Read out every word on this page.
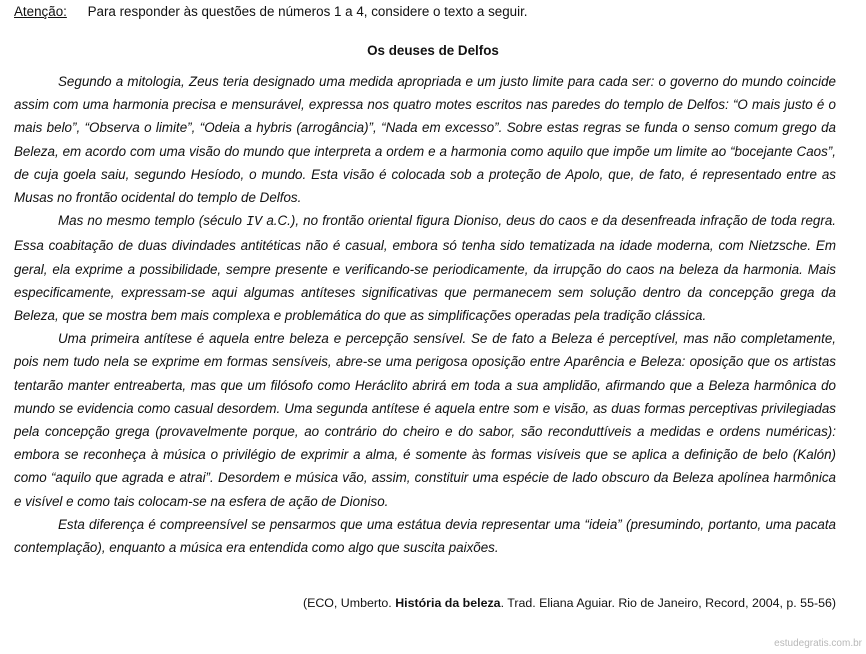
Atenção: Para responder às questões de números 1 a 4, considere o texto a seguir.
Os deuses de Delfos

Segundo a mitologia, Zeus teria designado uma medida apropriada e um justo limite para cada ser: o governo do mundo coincide assim com uma harmonia precisa e mensurável, expressa nos quatro motes escritos nas paredes do templo de Delfos: “O mais justo é o mais belo”, “Observa o limite”, “Odeia a hybris (arrogância)”, “Nada em excesso”. Sobre estas regras se funda o senso comum grego da Beleza, em acordo com uma visão do mundo que interpreta a ordem e a harmonia como aquilo que impõe um limite ao “bocejante Caos”, de cuja goela saiu, segundo Hesíodo, o mundo. Esta visão é colocada sob a proteção de Apolo, que, de fato, é representado entre as Musas no frontão ocidental do templo de Delfos.

Mas no mesmo templo (século IV a.C.), no frontão oriental figura Dioniso, deus do caos e da desenfreada infração de toda regra. Essa coabitação de duas divindades antitéticas não é casual, embora só tenha sido tematizada na idade moderna, com Nietzsche. Em geral, ela exprime a possibilidade, sempre presente e verificando-se periodicamente, da irrupção do caos na beleza da harmonia. Mais especificamente, expressam-se aqui algumas antíteses significativas que permanecem sem solução dentro da concepção grega da Beleza, que se mostra bem mais complexa e problemática do que as simplificações operadas pela tradição clássica.

Uma primeira antítese é aquela entre beleza e percepção sensível. Se de fato a Beleza é perceptível, mas não completamente, pois nem tudo nela se exprime em formas sensíveis, abre-se uma perigosa oposição entre Aparência e Beleza: oposição que os artistas tentarão manter entreaberta, mas que um filósofo como Heráclito abrirá em toda a sua amplidão, afirmando que a Beleza harmônica do mundo se evidencia como casual desordem. Uma segunda antítese é aquela entre som e visão, as duas formas perceptivas privilegiadas pela concepção grega (provavelmente porque, ao contrário do cheiro e do sabor, são reconduttíveis a medidas e ordens numéricas): embora se reconheça à música o privilégio de exprimir a alma, é somente às formas visíveis que se aplica a definição de belo (Kalón) como “aquilo que agrada e atrai”. Desordem e música vão, assim, constituir uma espécie de lado obscuro da Beleza apolínea harmônica e visível e como tais colocam-se na esfera de ação de Dioniso.

Esta diferença é compreensível se pensarmos que uma estátua devia representar uma “ideia” (presumindo, portanto, uma pacata contemplação), enquanto a música era entendida como algo que suscita paixões.

(ECO, Umberto. História da beleza. Trad. Eliana Aguiar. Rio de Janeiro, Record, 2004, p. 55-56)
estudegratis.com.br
